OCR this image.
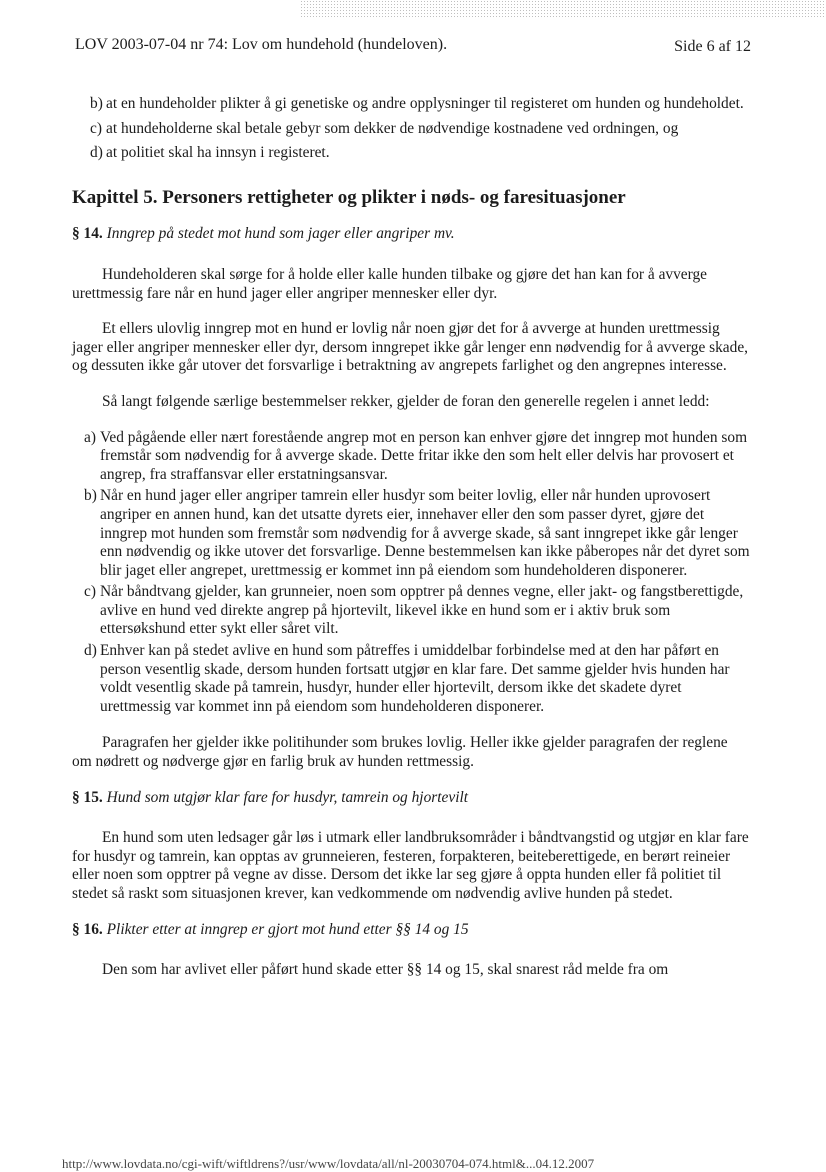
LOV 2003-07-04 nr 74: Lov om hundehold (hundeloven).	Side 6 af 12
b) at en hundeholder plikter å gi genetiske og andre opplysninger til registeret om hunden og hundeholdet.
c) at hundeholderne skal betale gebyr som dekker de nødvendige kostnadene ved ordningen, og
d) at politiet skal ha innsyn i registeret.
Kapittel 5. Personers rettigheter og plikter i nøds- og faresituasjoner
§ 14. Inngrep på stedet mot hund som jager eller angriper mv.

Hundeholderen skal sørge for å holde eller kalle hunden tilbake og gjøre det han kan for å avverge urettmessig fare når en hund jager eller angriper mennesker eller dyr.

Et ellers ulovlig inngrep mot en hund er lovlig når noen gjør det for å avverge at hunden urettmessig jager eller angriper mennesker eller dyr, dersom inngrepet ikke går lenger enn nødvendig for å avverge skade, og dessuten ikke går utover det forsvarlige i betraktning av angrepets farlighet og den angrepnes interesse.

Så langt følgende særlige bestemmelser rekker, gjelder de foran den generelle regelen i annet ledd:

a) Ved pågående eller nært forestående angrep mot en person kan enhver gjøre det inngrep mot hunden som fremstår som nødvendig for å avverge skade. Dette fritar ikke den som helt eller delvis har provosert et angrep, fra straffansvar eller erstatningsansvar.
b) Når en hund jager eller angriper tamrein eller husdyr som beiter lovlig, eller når hunden uprovosert angriper en annen hund, kan det utsatte dyrets eier, innehaver eller den som passer dyret, gjøre det inngrep mot hunden som fremstår som nødvendig for å avverge skade, så sant inngrepet ikke går lenger enn nødvendig og ikke utover det forsvarlige. Denne bestemmelsen kan ikke påberopes når det dyret som blir jaget eller angrepet, urettmessig er kommet inn på eiendom som hundeholderen disponerer.
c) Når båndtvang gjelder, kan grunneier, noen som opptrer på dennes vegne, eller jakt- og fangstberettigde, avlive en hund ved direkte angrep på hjortevilt, likevel ikke en hund som er i aktiv bruk som ettersøkshund etter sykt eller såret vilt.
d) Enhver kan på stedet avlive en hund som påtreffes i umiddelbar forbindelse med at den har påført en person vesentlig skade, dersom hunden fortsatt utgjør en klar fare. Det samme gjelder hvis hunden har voldt vesentlig skade på tamrein, husdyr, hunder eller hjortevilt, dersom ikke det skadete dyret urettmessig var kommet inn på eiendom som hundeholderen disponerer.

Paragrafen her gjelder ikke politihunder som brukes lovlig. Heller ikke gjelder paragrafen der reglene om nødrett og nødverge gjør en farlig bruk av hunden rettmessig.

§ 15. Hund som utgjør klar fare for husdyr, tamrein og hjortevilt

En hund som uten ledsager går løs i utmark eller landbruksområder i båndtvangstid og utgjør en klar fare for husdyr og tamrein, kan opptas av grunneieren, festeren, forpakteren, beiteberettigede, en berørt reineier eller noen som opptrer på vegne av disse. Dersom det ikke lar seg gjøre å oppta hunden eller få politiet til stedet så raskt som situasjonen krever, kan vedkommende om nødvendig avlive hunden på stedet.

§ 16. Plikter etter at inngrep er gjort mot hund etter §§ 14 og 15

Den som har avlivet eller påført hund skade etter §§ 14 og 15, skal snarest råd melde fra om

http://www.lovdata.no/cgi-wift/wiftldrens?/usr/www/lovdata/all/nl-20030704-074.html&...04.12.2007
